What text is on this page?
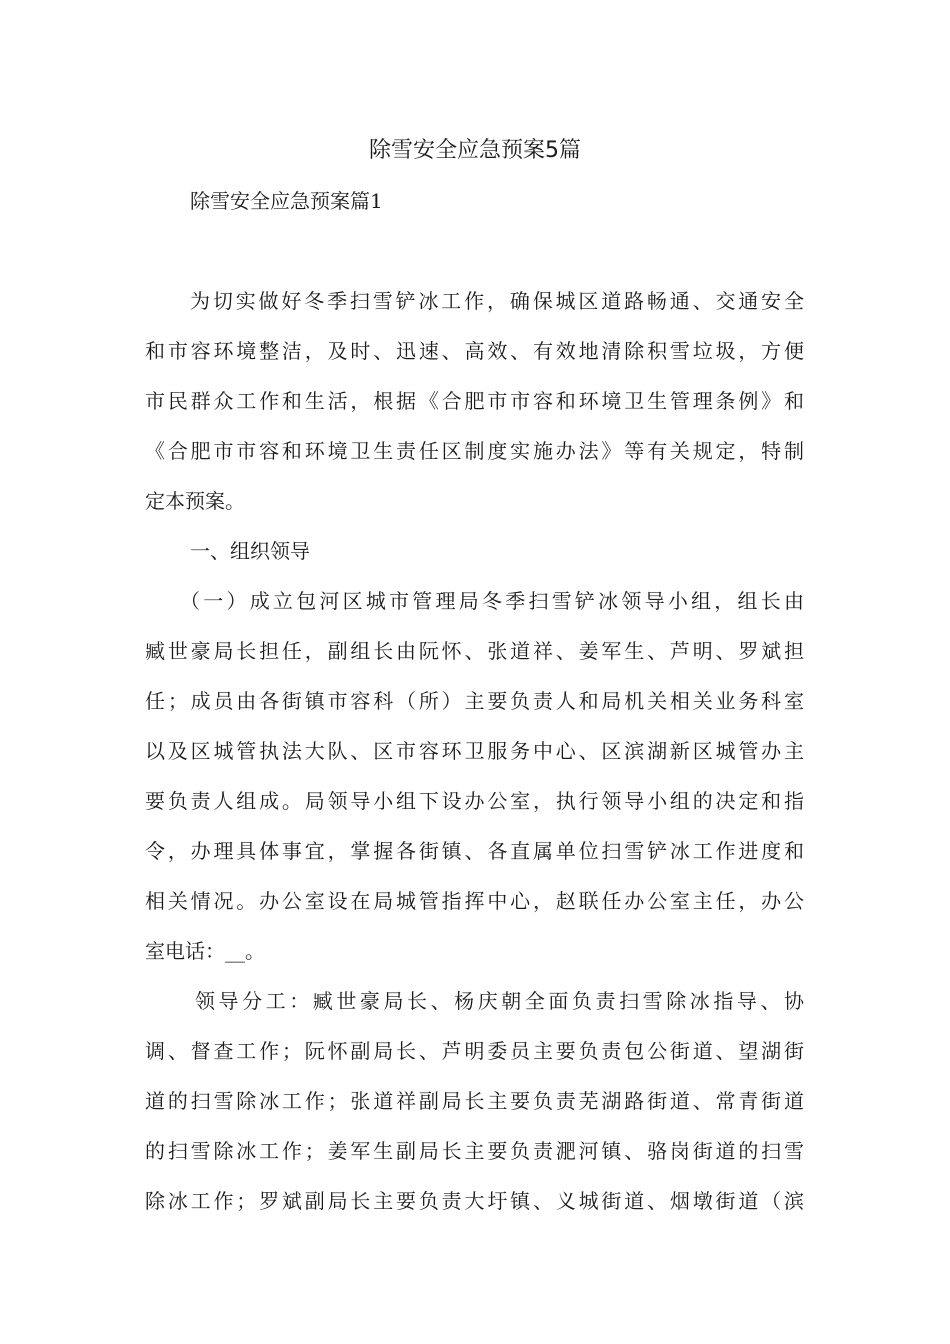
除雪安全应急预案5篇
除雪安全应急预案篇1
为切实做好冬季扫雪铲冰工作，确保城区道路畅通、交通安全
和市容环境整洁，及时、迅速、高效、有效地清除积雪垃圾，方便
市民群众工作和生活，根据《合肥市市容和环境卫生管理条例》和
《合肥市市容和环境卫生责任区制度实施办法》等有关规定，特制
定本预案。
一、组织领导
（一）成立包河区城市管理局冬季扫雪铲冰领导小组，组长由
臧世豪局长担任，副组长由阮怀、张道祥、姜军生、芦明、罗斌担
任；成员由各街镇市容科（所）主要负责人和局机关相关业务科室
以及区城管执法大队、区市容环卫服务中心、区滨湖新区城管办主
要负责人组成。局领导小组下设办公室，执行领导小组的决定和指
令，办理具体事宜，掌握各街镇、各直属单位扫雪铲冰工作进度和
相关情况。办公室设在局城管指挥中心，赵联任办公室主任，办公
室电话：__。
领导分工：臧世豪局长、杨庆朝全面负责扫雪除冰指导、协
调、督查工作；阮怀副局长、芦明委员主要负责包公街道、望湖街
道的扫雪除冰工作；张道祥副局长主要负责芜湖路街道、常青街道
的扫雪除冰工作；姜军生副局长主要负责淝河镇、骆岗街道的扫雪
除冰工作；罗斌副局长主要负责大圩镇、义城街道、烟墩街道（滨
